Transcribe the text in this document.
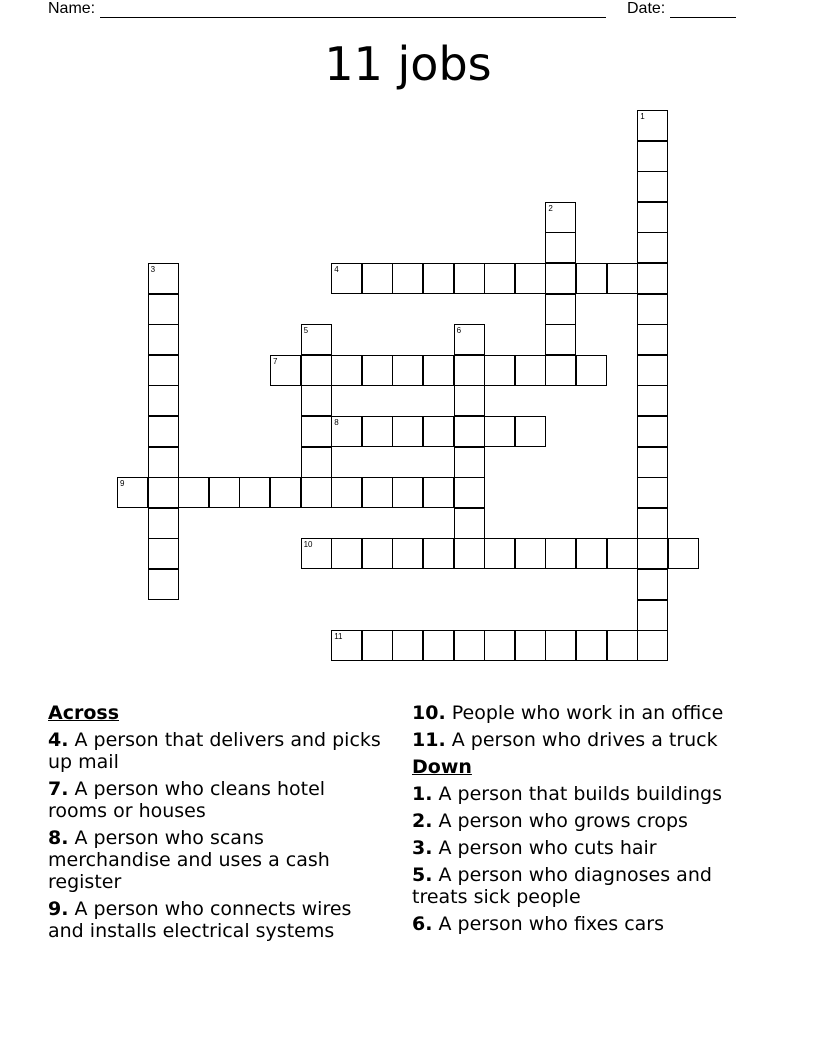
Name:	Date:
11 jobs
1
2
3	4
5	6
7
8
9
10
11
Across
4. A person that delivers and picks up mail
7. A person who cleans hotel rooms or houses
8. A person who scans merchandise and uses a cash register
9. A person who connects wires and installs electrical systems
10. People who work in an office
11. A person who drives a truck
Down
1. A person that builds buildings
2. A person who grows crops
3. A person who cuts hair
5. A person who diagnoses and treats sick people
6. A person who fixes cars
